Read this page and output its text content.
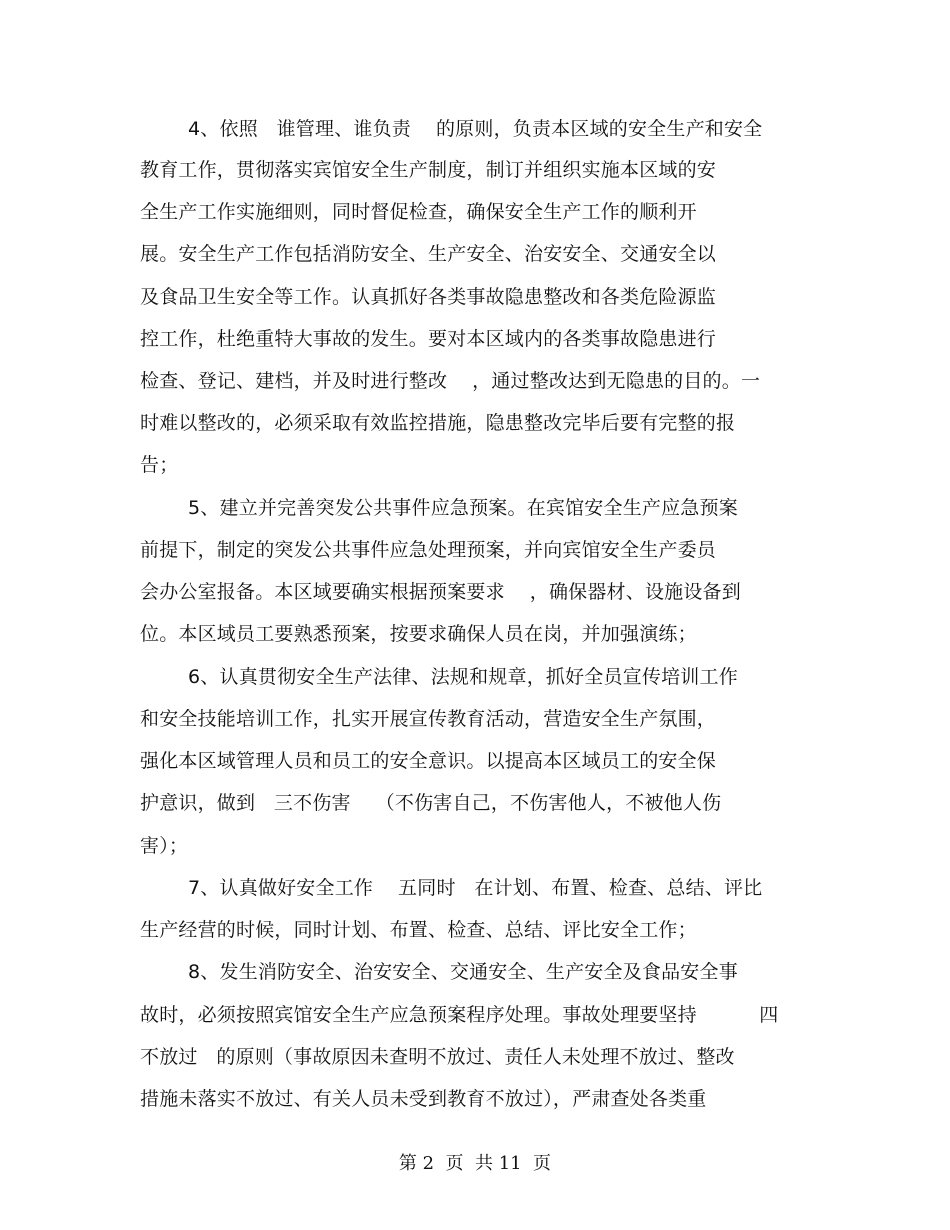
4、依照   谁管理、谁负责    的原则，负责本区域的安全生产和安全
教育工作，贯彻落实宾馆安全生产制度，制订并组织实施本区域的安
全生产工作实施细则，同时督促检查，确保安全生产工作的顺利开
展。安全生产工作包括消防安全、生产安全、治安安全、交通安全以
及食品卫生安全等工作。认真抓好各类事故隐患整改和各类危险源监
控工作，杜绝重特大事故的发生。要对本区域内的各类事故隐患进行
检查、登记、建档，并及时进行整改    ，通过整改达到无隐患的目的。一
时难以整改的，必须采取有效监控措施，隐患整改完毕后要有完整的报
告；
5、建立并完善突发公共事件应急预案。在宾馆安全生产应急预案
前提下，制定的突发公共事件应急处理预案，并向宾馆安全生产委员
会办公室报备。本区域要确实根据预案要求    ，确保器材、设施设备到
位。本区域员工要熟悉预案，按要求确保人员在岗，并加强演练；
6、认真贯彻安全生产法律、法规和规章，抓好全员宣传培训工作
和安全技能培训工作，扎实开展宣传教育活动，营造安全生产氛围，
强化本区域管理人员和员工的安全意识。以提高本区域员工的安全保
护意识，做到   三不伤害    （不伤害自己，不伤害他人，不被他人伤
害）；
7、认真做好安全工作    五同时   在计划、布置、检查、总结、评比
生产经营的时候，同时计划、布置、检查、总结、评比安全工作；
8、发生消防安全、治安安全、交通安全、生产安全及食品安全事
故时，必须按照宾馆安全生产应急预案程序处理。事故处理要坚持          四
不放过   的原则（事故原因未查明不放过、责任人未处理不放过、整改
措施未落实不放过、有关人员未受到教育不放过），严肃查处各类重
第 2  页  共 11  页
